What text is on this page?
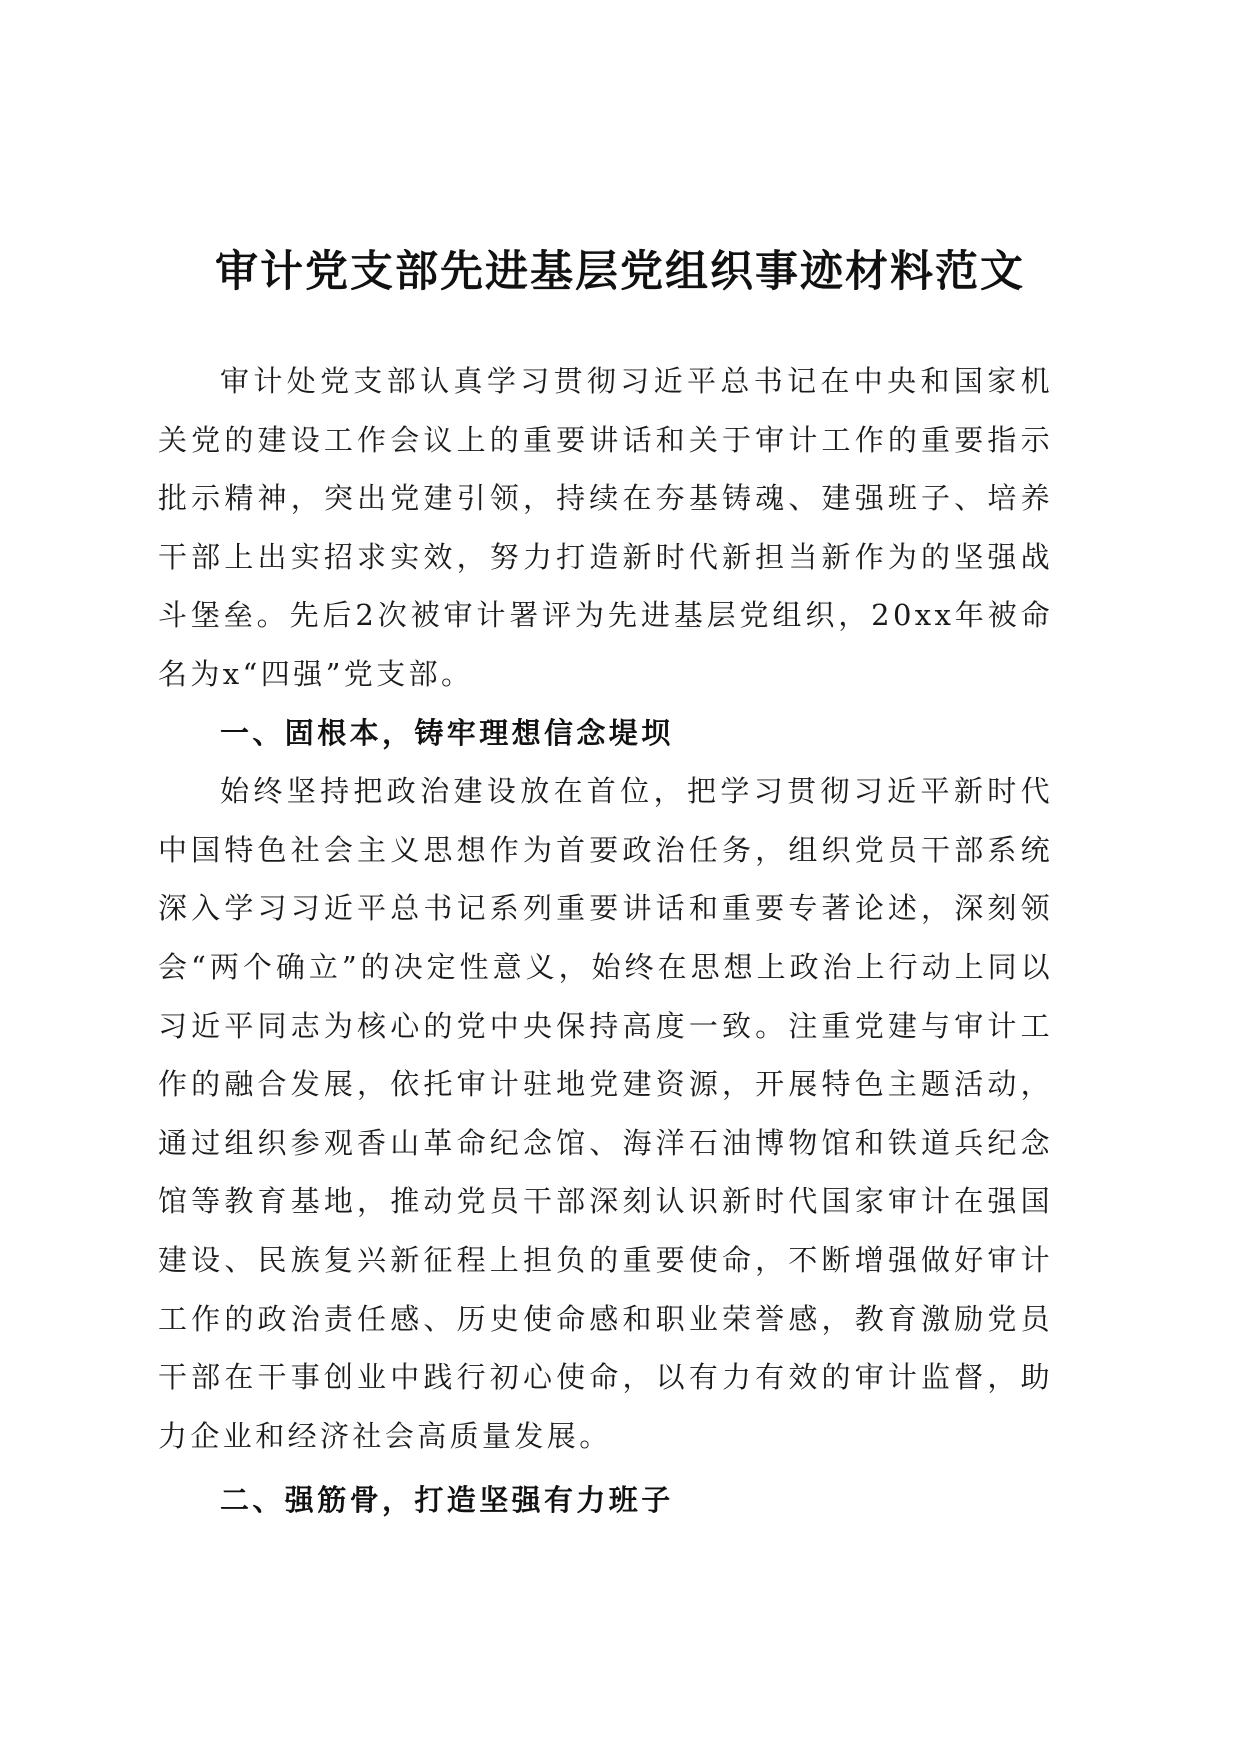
审计党支部先进基层党组织事迹材料范文

审计处党支部认真学习贯彻习近平总书记在中央和国家机关党的建设工作会议上的重要讲话和关于审计工作的重要指示批示精神，突出党建引领，持续在夯基铸魂、建强班子、培养干部上出实招求实效，努力打造新时代新担当新作为的坚强战斗堡垒。先后2次被审计署评为先进基层党组织，20xx年被命名为x“四强”党支部。

一、固根本，铸牢理想信念堤坝

始终坚持把政治建设放在首位，把学习贯彻习近平新时代中国特色社会主义思想作为首要政治任务，组织党员干部系统深入学习习近平总书记系列重要讲话和重要专著论述，深刻领会“两个确立”的决定性意义，始终在思想上政治上行动上同以习近平同志为核心的党中央保持高度一致。注重党建与审计工作的融合发展，依托审计驻地党建资源，开展特色主题活动，通过组织参观香山革命纪念馆、海洋石油博物馆和铁道兵纪念馆等教育基地，推动党员干部深刻认识新时代国家审计在强国建设、民族复兴新征程上担负的重要使命，不断增强做好审计工作的政治责任感、历史使命感和职业荣誉感，教育激励党员干部在干事创业中践行初心使命，以有力有效的审计监督，助力企业和经济社会高质量发展。

二、强筋骨，打造坚强有力班子
